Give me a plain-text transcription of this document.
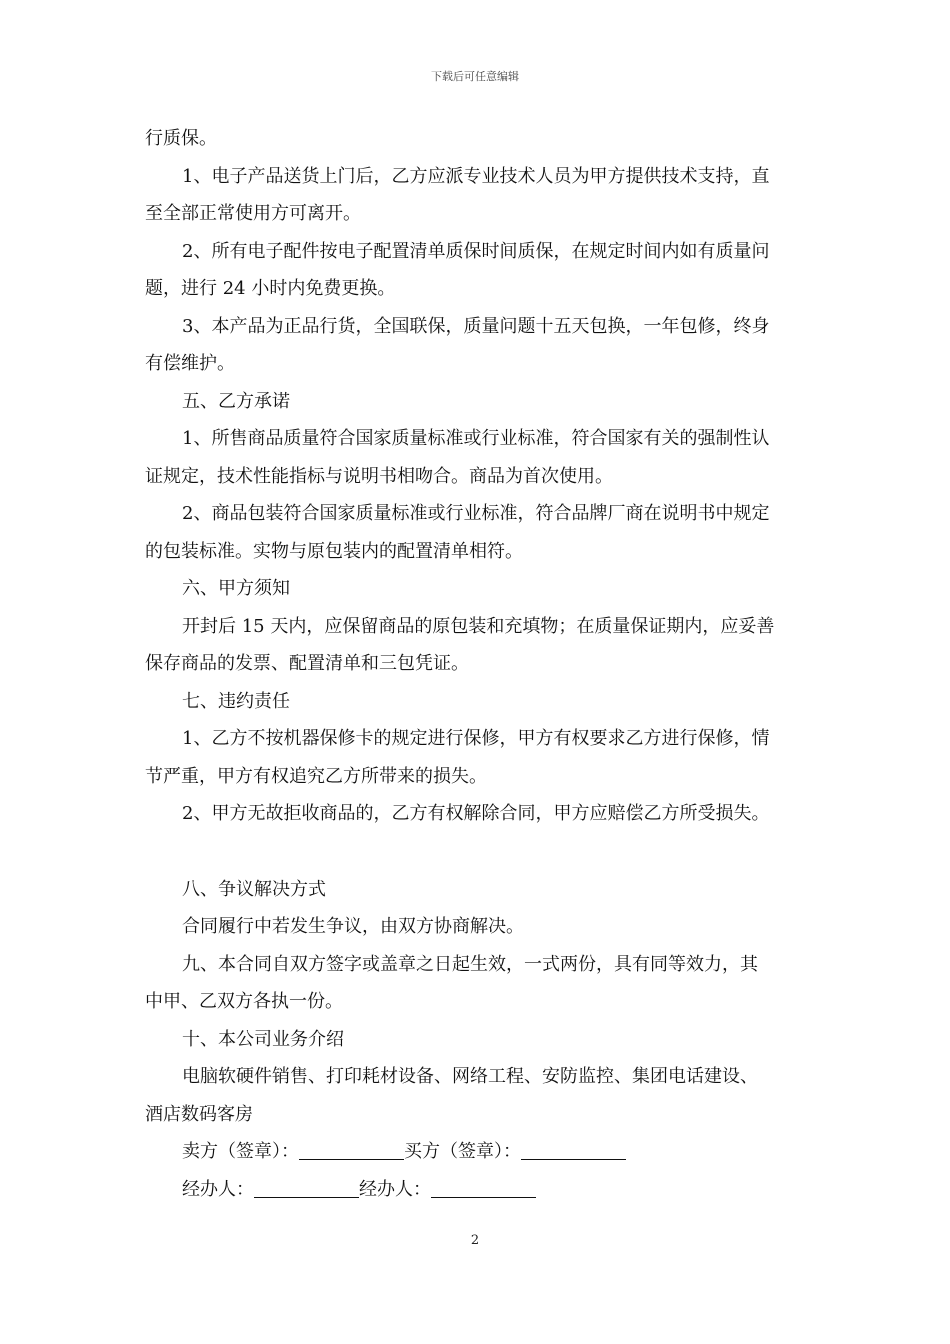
下载后可任意编辑

行质保。

1、电子产品送货上门后，乙方应派专业技术人员为甲方提供技术支持，直

至全部正常使用方可离开。

2、所有电子配件按电子配置清单质保时间质保，在规定时间内如有质量问

题，进行 24 小时内免费更换。

3、本产品为正品行货，全国联保，质量问题十五天包换，一年包修，终身

有偿维护。

五、乙方承诺

1、所售商品质量符合国家质量标准或行业标准，符合国家有关的强制性认

证规定，技术性能指标与说明书相吻合。商品为首次使用。

2、商品包装符合国家质量标准或行业标准，符合品牌厂商在说明书中规定

的包装标准。实物与原包装内的配置清单相符。

六、甲方须知

开封后 15 天内，应保留商品的原包装和充填物；在质量保证期内，应妥善

保存商品的发票、配置清单和三包凭证。

七、违约责任

1、乙方不按机器保修卡的规定进行保修，甲方有权要求乙方进行保修，情

节严重，甲方有权追究乙方所带来的损失。

2、甲方无故拒收商品的，乙方有权解除合同，甲方应赔偿乙方所受损失。

八、争议解决方式

合同履行中若发生争议，由双方协商解决。

九、本合同自双方签字或盖章之日起生效，一式两份，具有同等效力，其

中甲、乙双方各执一份。

十、本公司业务介绍

电脑软硬件销售、打印耗材设备、网络工程、安防监控、集团电话建设、

酒店数码客房

卖方（签章）：	买方（签章）：

经办人：	经办人：

2
